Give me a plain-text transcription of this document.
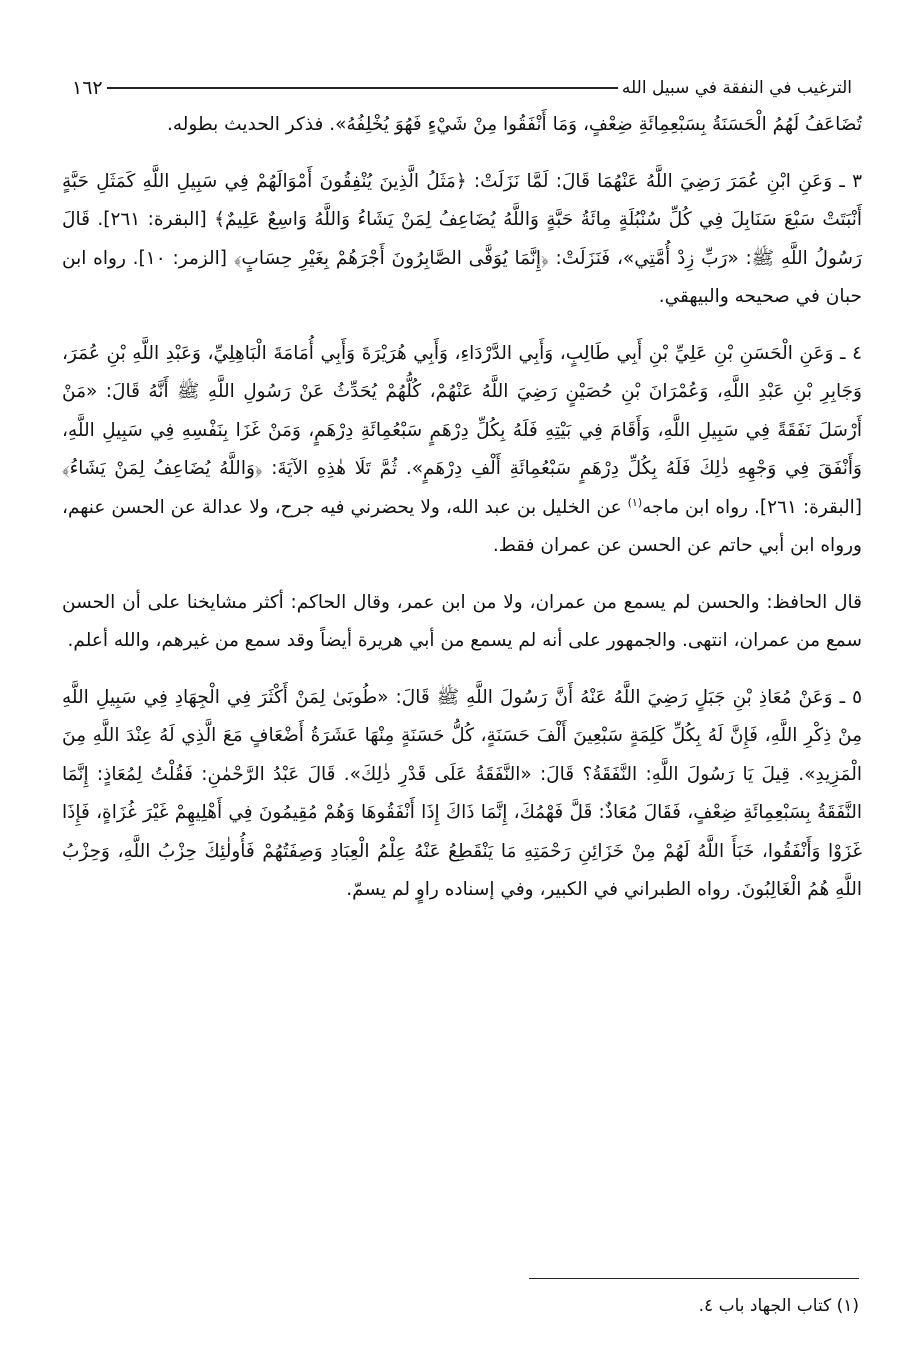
الترغيب في النفقة في سبيل الله
١٦٢

تُضَاعَفُ لَهُمُ الْحَسَنَةُ بِسَبْعِمِائَةِ ضِعْفٍ، وَمَا أَنْفَقُوا مِنْ شَيْءٍ فَهُوَ يُخْلِفُهُ». فذكر الحديث بطوله.

٣ ـ وَعَنِ ابْنِ عُمَرَ رَضِيَ اللَّهُ عَنْهُمَا قَالَ: لَمَّا نَزَلَتْ: ﴿مَثَلُ الَّذِينَ يُنْفِقُونَ أَمْوَالَهُمْ فِي سَبِيلِ اللَّهِ كَمَثَلِ حَبَّةٍ أَنْبَتَتْ سَبْعَ سَنَابِلَ فِي كُلِّ سُنْبُلَةٍ مِائَةُ حَبَّةٍ وَاللَّهُ يُضَاعِفُ لِمَنْ يَشَاءُ وَاللَّهُ وَاسِعٌ عَلِيمٌ﴾ [البقرة: ٢٦١]. قَالَ رَسُولُ اللَّهِ ﷺ: «رَبِّ زِدْ أُمَّتِي»، فَنَزَلَتْ: ﴿إِنَّمَا يُوَفَّى الصَّابِرُونَ أَجْرَهُمْ بِغَيْرِ حِسَابٍ﴾ [الزمر: ١٠]. رواه ابن حبان في صحيحه والبيهقي.

٤ ـ وَعَنِ الْحَسَنِ بْنِ عَلِيِّ بْنِ أَبِي طَالِبٍ، وَأَبِي الدَّرْدَاءِ، وَأَبِي هُرَيْرَةَ وَأَبِي أُمَامَةَ الْبَاهِلِيِّ، وَعَبْدِ اللَّهِ بْنِ عُمَرَ، وَجَابِرِ بْنِ عَبْدِ اللَّهِ، وَعُمْرَانَ بْنِ حُصَيْنٍ رَضِيَ اللَّهُ عَنْهُمْ، كُلُّهُمْ يُحَدِّثُ عَنْ رَسُولِ اللَّهِ ﷺ أَنَّهُ قَالَ: «مَنْ أَرْسَلَ نَفَقَةً فِي سَبِيلِ اللَّهِ، وَأَقَامَ فِي بَيْتِهِ فَلَهُ بِكُلِّ دِرْهَمٍ سَبْعُمِائَةِ دِرْهَمٍ، وَمَنْ غَزَا بِنَفْسِهِ فِي سَبِيلِ اللَّهِ، وَأَنْفَقَ فِي وَجْهِهِ ذٰلِكَ فَلَهُ بِكُلِّ دِرْهَمٍ سَبْعُمِائَةِ أَلْفِ دِرْهَمٍ». ثُمَّ تَلَا هٰذِهِ الآيَةَ: ﴿وَاللَّهُ يُضَاعِفُ لِمَنْ يَشَاءُ﴾ [البقرة: ٢٦١]. رواه ابن ماجه$^{(١)}$ عن الخليل بن عبد الله، ولا يحضرني فيه جرح، ولا عدالة عن الحسن عنهم، ورواه ابن أبي حاتم عن الحسن عن عمران فقط.

قال الحافظ: والحسن لم يسمع من عمران، ولا من ابن عمر، وقال الحاكم: أكثر مشايخنا على أن الحسن سمع من عمران، انتهى. والجمهور على أنه لم يسمع من أبي هريرة أيضاً وقد سمع من غيرهم، والله أعلم.

٥ ـ وَعَنْ مُعَاذِ بْنِ جَبَلٍ رَضِيَ اللَّهُ عَنْهُ أَنَّ رَسُولَ اللَّهِ ﷺ قَالَ: «طُوبَىٰ لِمَنْ أَكْثَرَ فِي الْجِهَادِ فِي سَبِيلِ اللَّهِ مِنْ ذِكْرِ اللَّهِ، فَإِنَّ لَهُ بِكُلِّ كَلِمَةٍ سَبْعِينَ أَلْفَ حَسَنَةٍ، كُلُّ حَسَنَةٍ مِنْهَا عَشَرَةُ أَضْعَافٍ مَعَ الَّذِي لَهُ عِنْدَ اللَّهِ مِنَ الْمَزِيدِ». قِيلَ يَا رَسُولَ اللَّهِ: النَّفَقَةُ؟ قَالَ: «النَّفَقَةُ عَلَى قَدْرِ ذٰلِكَ». قَالَ عَبْدُ الرَّحْمٰنِ: فَقُلْتُ لِمُعَاذٍ: إِنَّمَا النَّفَقَةُ بِسَبْعِمِائَةِ ضِعْفٍ، فَقَالَ مُعَاذٌ: قَلَّ فَهْمُكَ، إِنَّمَا ذَاكَ إِذَا أَنْفَقُوهَا وَهُمْ مُقِيمُونَ فِي أَهْلِيهِمْ غَيْرَ غُزَاةٍ، فَإِذَا غَزَوْا وَأَنْفَقُوا، خَبَأَ اللَّهُ لَهُمْ مِنْ خَزَائِنِ رَحْمَتِهِ مَا يَنْقَطِعُ عَنْهُ عِلْمُ الْعِبَادِ وَصِفَتُهُمْ فَأُولٰئِكَ حِزْبُ اللَّهِ، وَحِزْبُ اللَّهِ هُمُ الْغَالِبُونَ. رواه الطبراني في الكبير، وفي إسناده راوٍ لم يسمّ.

(١) كتاب الجهاد باب ٤.
